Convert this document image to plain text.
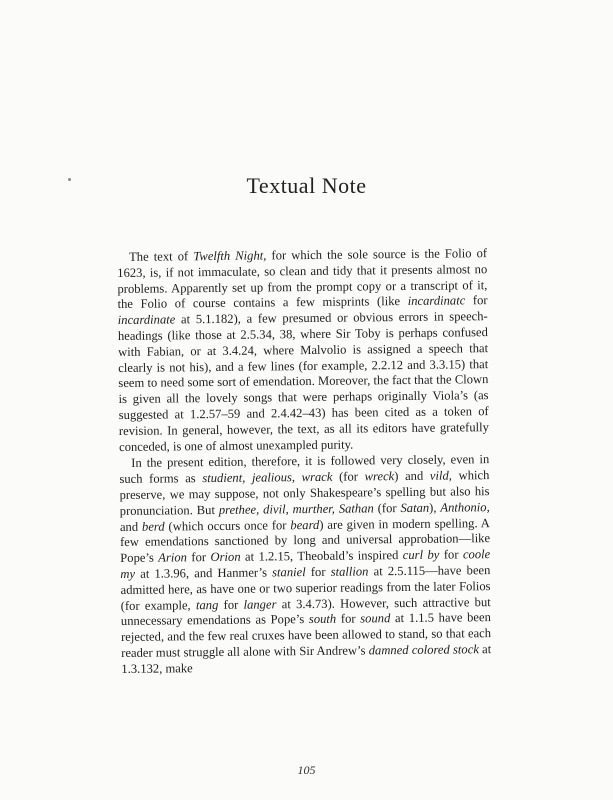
Textual Note

The text of Twelfth Night, for which the sole source is the Folio of 1623, is, if not immaculate, so clean and tidy that it presents almost no problems. Apparently set up from the prompt copy or a transcript of it, the Folio of course contains a few misprints (like incardinatc for incardinate at 5.1.182), a few presumed or obvious errors in speech-headings (like those at 2.5.34, 38, where Sir Toby is perhaps confused with Fabian, or at 3.4.24, where Malvolio is assigned a speech that clearly is not his), and a few lines (for example, 2.2.12 and 3.3.15) that seem to need some sort of emendation. Moreover, the fact that the Clown is given all the lovely songs that were perhaps originally Viola’s (as suggested at 1.2.57–59 and 2.4.42–43) has been cited as a token of revision. In general, however, the text, as all its editors have gratefully conceded, is one of almost unexampled purity.

In the present edition, therefore, it is followed very closely, even in such forms as studient, jealious, wrack (for wreck) and vild, which preserve, we may suppose, not only Shakespeare’s spelling but also his pronunciation. But prethee, divil, murther, Sathan (for Satan), Anthonio, and berd (which occurs once for beard) are given in modern spelling. A few emendations sanctioned by long and universal approbation—like Pope’s Arion for Orion at 1.2.15, Theobald’s inspired curl by for coole my at 1.3.96, and Hanmer’s staniel for stallion at 2.5.115—have been admitted here, as have one or two superior readings from the later Folios (for example, tang for langer at 3.4.73). However, such attractive but unnecessary emendations as Pope’s south for sound at 1.1.5 have been rejected, and the few real cruxes have been allowed to stand, so that each reader must struggle all alone with Sir Andrew’s damned colored stock at 1.3.132, make

105
